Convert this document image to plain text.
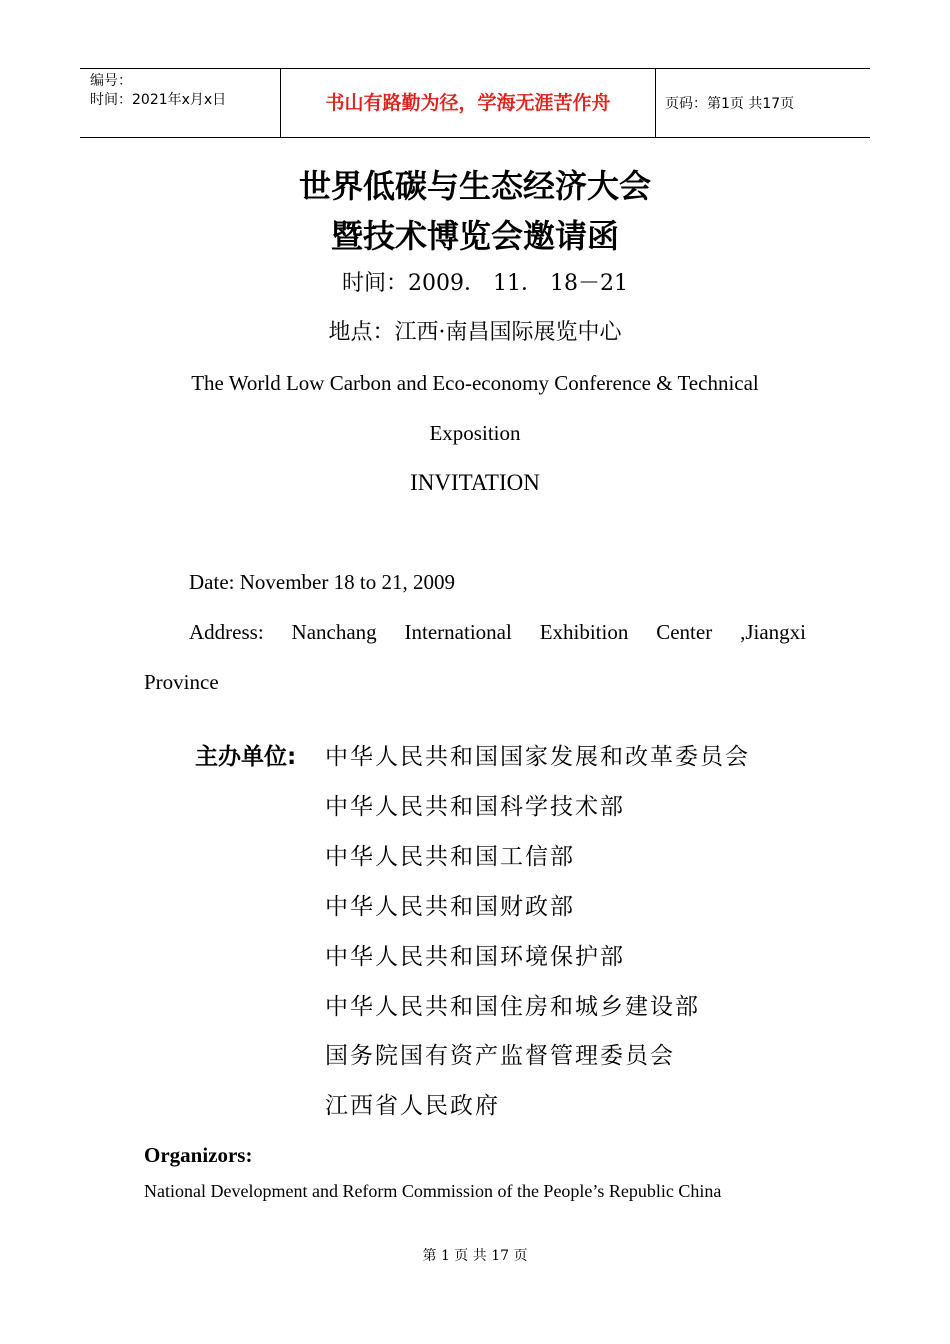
编号：
时间：2021年x月x日	书山有路勤为径，学海无涯苦作舟	页码：第1页 共17页
世界低碳与生态经济大会
暨技术博览会邀请函
时间：2009． 11． 18－21
地点：江西·南昌国际展览中心
The World Low Carbon and Eco-economy Conference & Technical
Exposition
INVITATION
Date: November 18 to 21, 2009
Address: Nanchang International Exhibition Center ,Jiangxi
Province
主办单位: 中华人民共和国国家发展和改革委员会
中华人民共和国科学技术部
中华人民共和国工信部
中华人民共和国财政部
中华人民共和国环境保护部
中华人民共和国住房和城乡建设部
国务院国有资产监督管理委员会
江西省人民政府
Organizors:
National Development and Reform Commission of the People’s Republic China
第 1 页 共 17 页
